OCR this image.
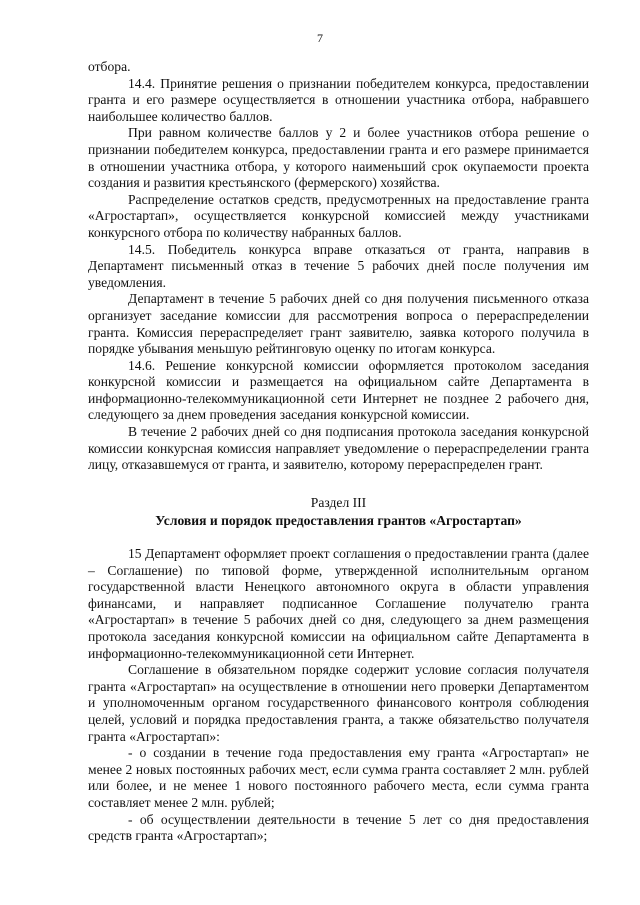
7

отбора.

14.4. Принятие решения о признании победителем конкурса, предоставлении гранта и его размере осуществляется в отношении участника отбора, набравшего наибольшее количество баллов.

При равном количестве баллов у 2 и более участников отбора решение о признании победителем конкурса, предоставлении гранта и его размере принимается в отношении участника отбора, у которого наименьший срок окупаемости проекта создания и развития крестьянского (фермерского) хозяйства.

Распределение остатков средств, предусмотренных на предоставление гранта «Агростартап», осуществляется конкурсной комиссией между участниками конкурсного отбора по количеству набранных баллов.

14.5. Победитель конкурса вправе отказаться от гранта, направив в Департамент письменный отказ в течение 5 рабочих дней после получения им уведомления.

Департамент в течение 5 рабочих дней со дня получения письменного отказа организует заседание комиссии для рассмотрения вопроса о перераспределении гранта. Комиссия перераспределяет грант заявителю, заявка которого получила в порядке убывания меньшую рейтинговую оценку по итогам конкурса.

14.6. Решение конкурсной комиссии оформляется протоколом заседания конкурсной комиссии и размещается на официальном сайте Департамента в информационно-телекоммуникационной сети Интернет не позднее 2 рабочего дня, следующего за днем проведения заседания конкурсной комиссии.

В течение 2 рабочих дней со дня подписания протокола заседания конкурсной комиссии конкурсная комиссия направляет уведомление о перераспределении гранта лицу, отказавшемуся от гранта, и заявителю, которому перераспределен грант.

Раздел III
Условия и порядок предоставления грантов «Агростартап»

15 Департамент оформляет проект соглашения о предоставлении гранта (далее – Соглашение) по типовой форме, утвержденной исполнительным органом государственной власти Ненецкого автономного округа в области управления финансами, и направляет подписанное Соглашение получателю гранта «Агростартап» в течение 5 рабочих дней со дня, следующего за днем размещения протокола заседания конкурсной комиссии на официальном сайте Департамента в информационно-телекоммуникационной сети Интернет.

Соглашение в обязательном порядке содержит условие согласия получателя гранта «Агростартап» на осуществление в отношении него проверки Департаментом и уполномоченным органом государственного финансового контроля соблюдения целей, условий и порядка предоставления гранта, а также обязательство получателя гранта «Агростартап»:

- о создании в течение года предоставления ему гранта «Агростартап» не менее 2 новых постоянных рабочих мест, если сумма гранта составляет 2 млн. рублей или более, и не менее 1 нового постоянного рабочего места, если сумма гранта составляет менее 2 млн. рублей;

- об осуществлении деятельности в течение 5 лет со дня предоставления средств гранта «Агростартап»;
